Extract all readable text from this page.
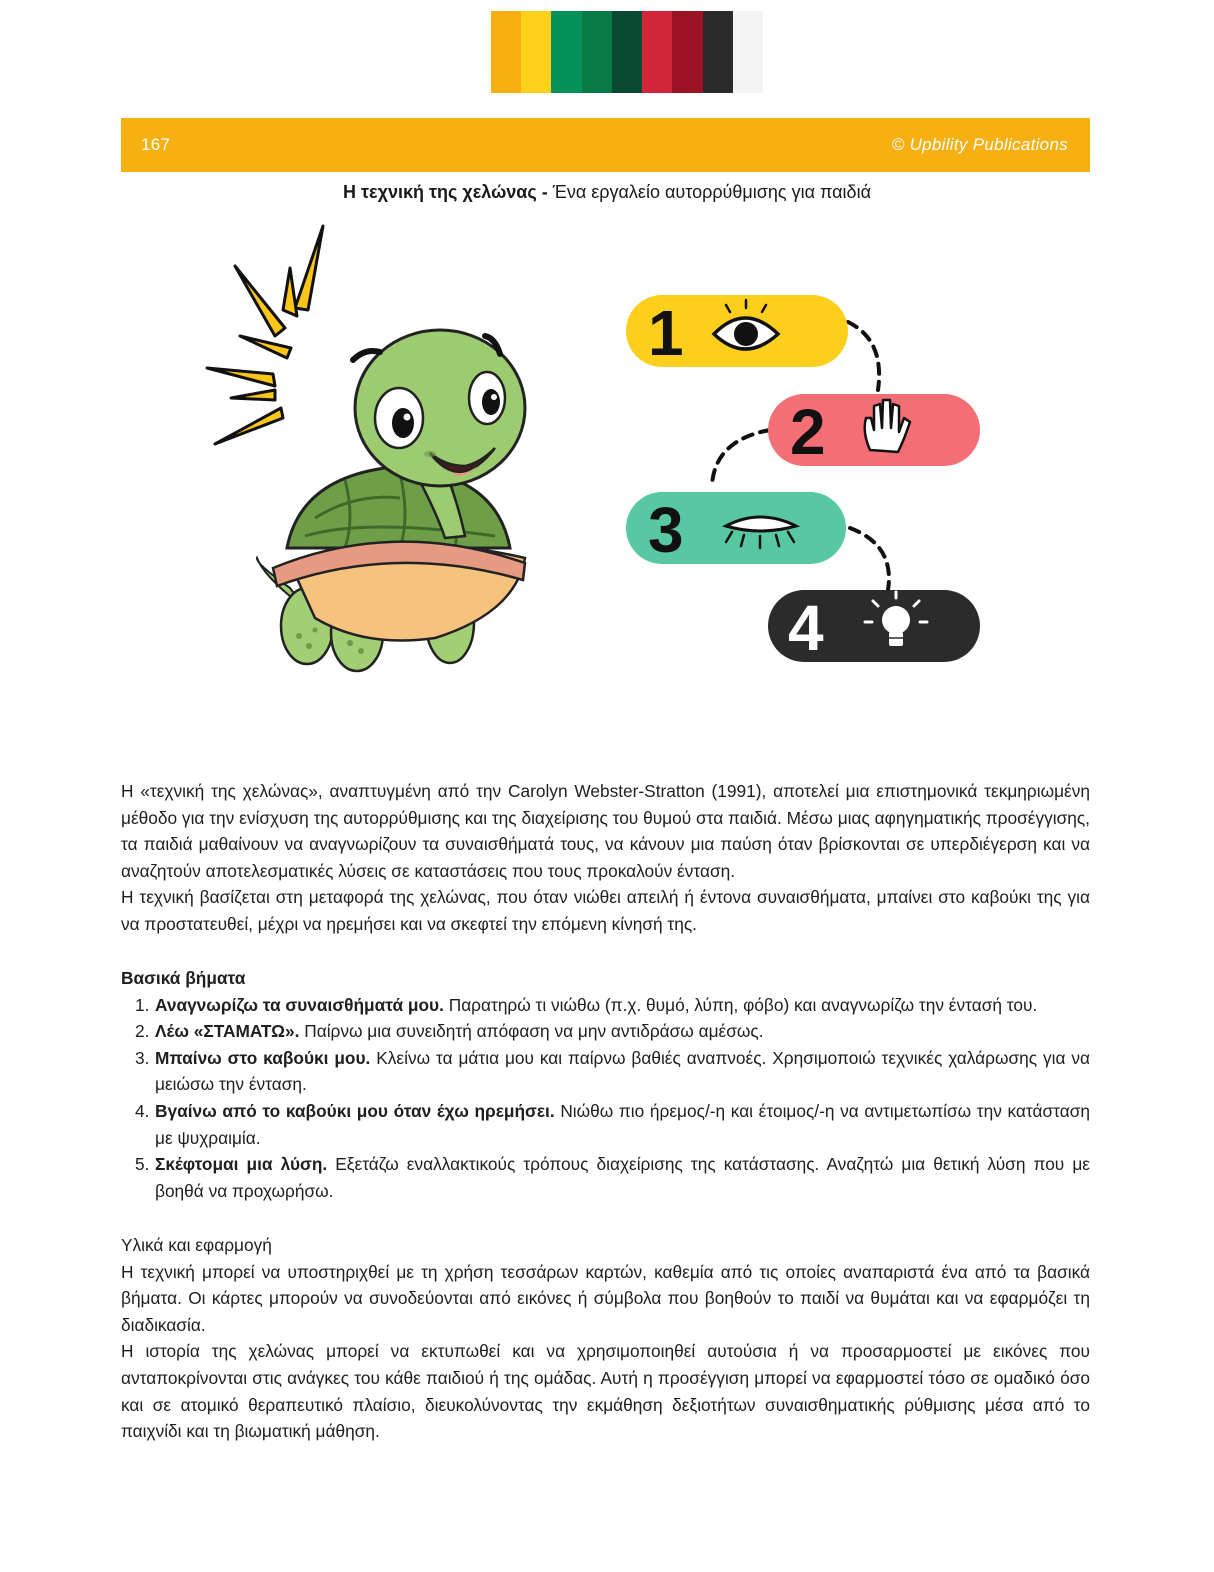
167	© Upbility Publications
Η τεχνική της χελώνας - Ένα εργαλείο αυτορρύθμισης για παιδιά
1
2
3
4

Η «τεχνική της χελώνας», αναπτυγμένη από την Carolyn Webster-Stratton (1991), αποτελεί μια επιστημονικά τεκμηριωμένη μέθοδο για την ενίσχυση της αυτορρύθμισης και της διαχείρισης του θυμού στα παιδιά. Μέσω μιας αφηγηματικής προσέγγισης, τα παιδιά μαθαίνουν να αναγνωρίζουν τα συναισθήματά τους, να κάνουν μια παύση όταν βρίσκονται σε υπερδιέγερση και να αναζητούν αποτελεσματικές λύσεις σε καταστάσεις που τους προκαλούν ένταση.

Η τεχνική βασίζεται στη μεταφορά της χελώνας, που όταν νιώθει απειλή ή έντονα συναισθήματα, μπαίνει στο καβούκι της για να προστατευθεί, μέχρι να ηρεμήσει και να σκεφτεί την επόμενη κίνησή της.

Βασικά βήματα
1. Αναγνωρίζω τα συναισθήματά μου. Παρατηρώ τι νιώθω (π.χ. θυμό, λύπη, φόβο) και αναγνωρίζω την έντασή του.
2. Λέω «ΣΤΑΜΑΤΩ». Παίρνω μια συνειδητή απόφαση να μην αντιδράσω αμέσως.
3. Μπαίνω στο καβούκι μου. Κλείνω τα μάτια μου και παίρνω βαθιές αναπνοές. Χρησιμοποιώ τεχνικές χαλάρωσης για να μειώσω την ένταση.
4. Βγαίνω από το καβούκι μου όταν έχω ηρεμήσει. Νιώθω πιο ήρεμος/-η και έτοιμος/-η να αντιμετωπίσω την κατάσταση με ψυχραιμία.
5. Σκέφτομαι μια λύση. Εξετάζω εναλλακτικούς τρόπους διαχείρισης της κατάστασης. Αναζητώ μια θετική λύση που με βοηθά να προχωρήσω.
Υλικά και εφαρμογή

Η τεχνική μπορεί να υποστηριχθεί με τη χρήση τεσσάρων καρτών, καθεμία από τις οποίες αναπαριστά ένα από τα βασικά βήματα. Οι κάρτες μπορούν να συνοδεύονται από εικόνες ή σύμβολα που βοηθούν το παιδί να θυμάται και να εφαρμόζει τη διαδικασία.

Η ιστορία της χελώνας μπορεί να εκτυπωθεί και να χρησιμοποιηθεί αυτούσια ή να προσαρμοστεί με εικόνες που ανταποκρίνονται στις ανάγκες του κάθε παιδιού ή της ομάδας. Αυτή η προσέγγιση μπορεί να εφαρμοστεί τόσο σε ομαδικό όσο και σε ατομικό θεραπευτικό πλαίσιο, διευκολύνοντας την εκμάθηση δεξιοτήτων συναισθηματικής ρύθμισης μέσα από το παιχνίδι και τη βιωματική μάθηση.
